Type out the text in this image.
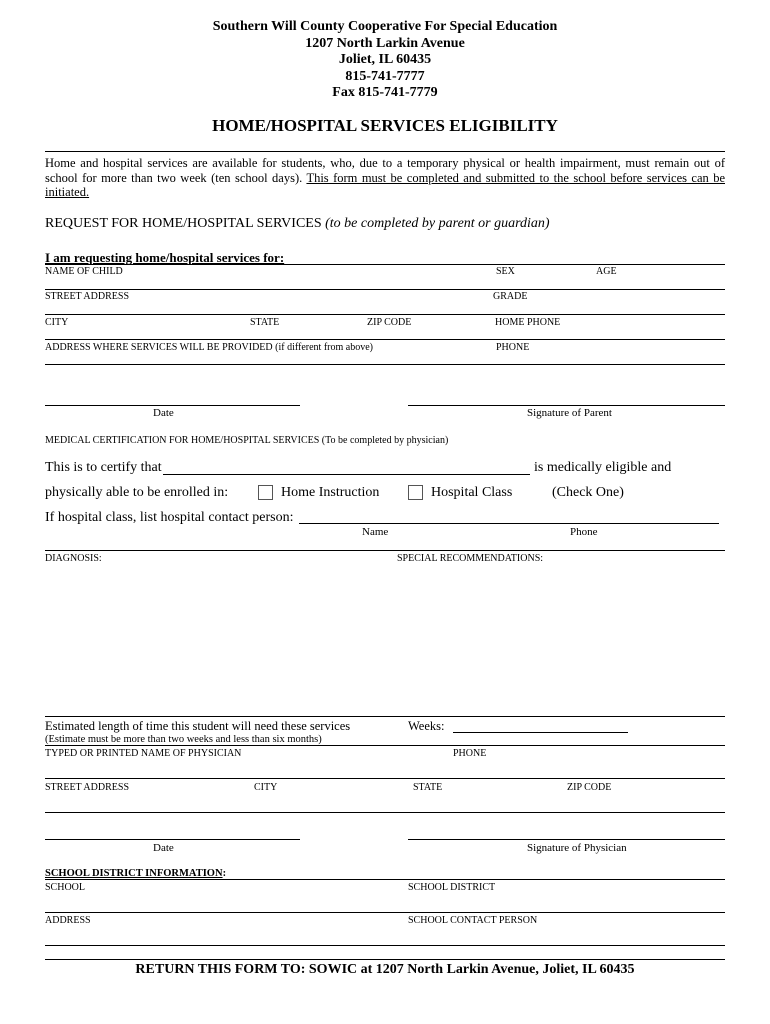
Southern Will County Cooperative For Special Education
1207 North Larkin Avenue
Joliet, IL 60435
815-741-7777
Fax 815-741-7779
HOME/HOSPITAL SERVICES ELIGIBILITY
Home and hospital services are available for students, who, due to a temporary physical or health impairment, must remain out of school for more than two week (ten school days). This form must be completed and submitted to the school before services can be initiated.
REQUEST FOR HOME/HOSPITAL SERVICES (to be completed by parent or guardian)
I am requesting home/hospital services for:
NAME OF CHILD	SEX	AGE
STREET ADDRESS	GRADE
CITY	STATE	ZIP CODE	HOME PHONE
ADDRESS WHERE SERVICES WILL BE PROVIDED (if different from above)	PHONE
Date	Signature of Parent
MEDICAL CERTIFICATION FOR HOME/HOSPITAL SERVICES (To be completed by physician)
This is to certify that	is medically eligible and
physically able to be enrolled in:	Home Instruction	Hospital Class	(Check One)
If hospital class, list hospital contact person:
Name	Phone
DIAGNOSIS:	SPECIAL RECOMMENDATIONS:
Estimated length of time this student will need these services	Weeks:
(Estimate must be more than two weeks and less than six months)
TYPED OR PRINTED NAME OF PHYSICIAN	PHONE
STREET ADDRESS	CITY	STATE	ZIP CODE
Date	Signature of Physician
SCHOOL DISTRICT INFORMATION:
SCHOOL	SCHOOL DISTRICT
ADDRESS	SCHOOL CONTACT PERSON
RETURN THIS FORM TO: SOWIC at 1207 North Larkin Avenue, Joliet, IL 60435
